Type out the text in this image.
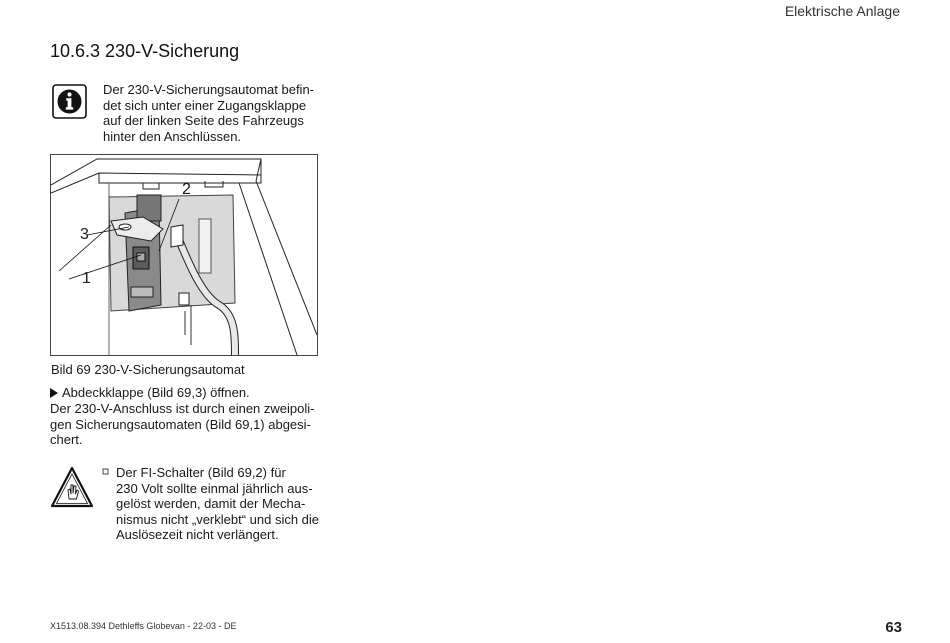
Elektrische Anlage
10.6.3 230-V-Sicherung
Der 230-V-Sicherungsautomat befin-
det sich unter einer Zugangsklappe
auf der linken Seite des Fahrzeugs
hinter den Anschlüssen.
1
2
3
Bild 69 230-V-Sicherungsautomat
Abdeckklappe (Bild 69,3) öffnen.
Der 230-V-Anschluss ist durch einen zweipoli-
gen Sicherungsautomaten (Bild 69,1) abgesi-
chert.
Der FI-Schalter (Bild 69,2) für
230 Volt sollte einmal jährlich aus-
gelöst werden, damit der Mecha-
nismus nicht „verklebt“ und sich die
Auslösezeit nicht verlängert.
X1513.08.394 Dethleffs Globevan - 22-03 - DE	63
